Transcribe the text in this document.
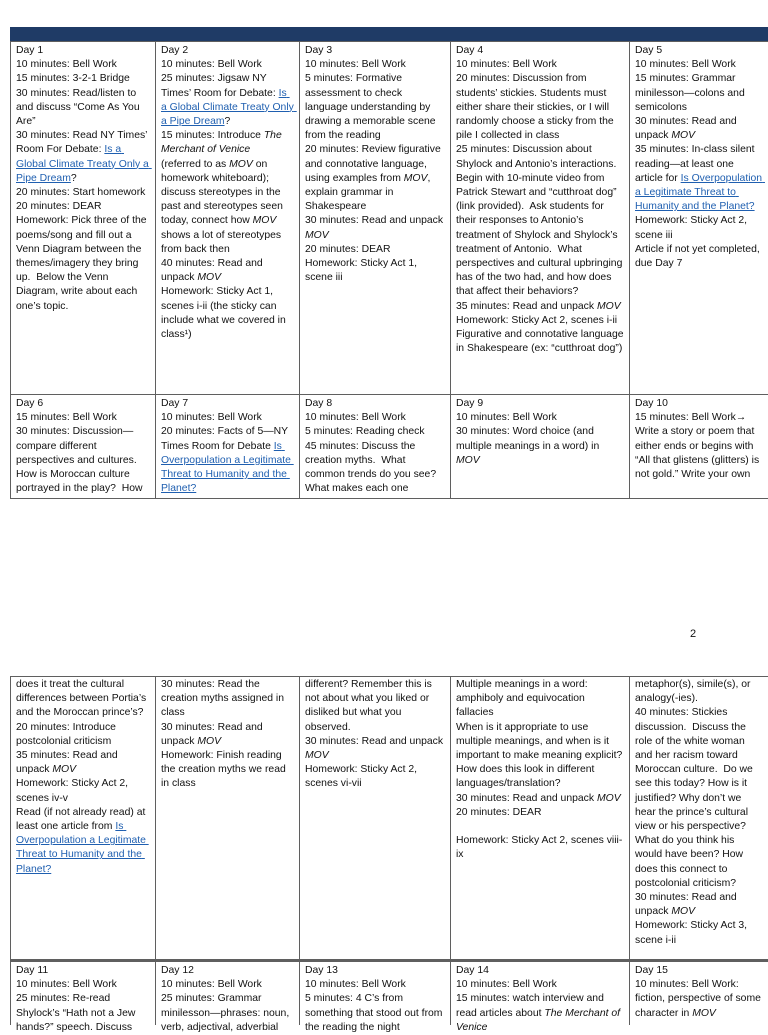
Day 1
10 minutes: Bell Work
15 minutes: 3-2-1 Bridge
30 minutes: Read/listen to and discuss “Come As You Are”
30 minutes: Read NY Times’ Room For Debate: Is a Global Climate Treaty Only a Pipe Dream?
20 minutes: Start homework
20 minutes: DEAR
Homework: Pick three of the poems/song and fill out a Venn Diagram between the themes/imagery they bring up.  Below the Venn Diagram, write about each one’s topic.
Day 2
10 minutes: Bell Work
25 minutes: Jigsaw NY Times’ Room for Debate: Is a Global Climate Treaty Only a Pipe Dream?
15 minutes: Introduce The Merchant of Venice
(referred to as MOV on homework whiteboard); discuss stereotypes in the past and stereotypes seen today, connect how MOV shows a lot of stereotypes from back then
40 minutes: Read and unpack MOV
Homework: Sticky Act 1, scenes i-ii (the sticky can include what we covered in class¹)
Day 3
10 minutes: Bell Work
5 minutes: Formative assessment to check language understanding by drawing a memorable scene from the reading
20 minutes: Review figurative and connotative language, using examples from MOV, explain grammar in Shakespeare
30 minutes: Read and unpack MOV
20 minutes: DEAR
Homework: Sticky Act 1, scene iii
Day 4
10 minutes: Bell Work
20 minutes: Discussion from students’ stickies. Students must either share their stickies, or I will randomly choose a sticky from the pile I collected in class
25 minutes: Discussion about Shylock and Antonio’s interactions.  Begin with 10-minute video from Patrick Stewart and “cutthroat dog” (link provided).  Ask students for their responses to Antonio’s treatment of Shylock and Shylock’s treatment of Antonio.  What perspectives and cultural upbringing has of the two had, and how does that affect their behaviors?
35 minutes: Read and unpack MOV
Homework: Sticky Act 2, scenes i-ii
Figurative and connotative language in Shakespeare (ex: “cutthroat dog”)
Day 5
10 minutes: Bell Work
15 minutes: Grammar minilesson—colons and semicolons
30 minutes: Read and unpack MOV
35 minutes: In-class silent reading—at least one article for Is Overpopulation a Legitimate Threat to Humanity and the Planet?
Homework: Sticky Act 2, scene iii
Article if not yet completed, due Day 7
Day 6
15 minutes: Bell Work
30 minutes: Discussion—compare different perspectives and cultures.  How is Moroccan culture portrayed in the play?  How
Day 7
10 minutes: Bell Work
20 minutes: Facts of 5—NY Times Room for Debate Is Overpopulation a Legitimate Threat to Humanity and the Planet?
Day 8
10 minutes: Bell Work
5 minutes: Reading check
45 minutes: Discuss the creation myths.  What common trends do you see? What makes each one
Day 9
10 minutes: Bell Work
30 minutes: Word choice (and multiple meanings in a word) in MOV
Day 10
15 minutes: Bell Work→ Write a story or poem that either ends or begins with “All that glistens (glitters) is not gold.” Write your own
2
does it treat the cultural differences between Portia’s and the Moroccan prince’s?
20 minutes: Introduce postcolonial criticism
35 minutes: Read and unpack MOV
Homework: Sticky Act 2, scenes iv-v
Read (if not already read) at least one article from Is Overpopulation a Legitimate Threat to Humanity and the Planet?
30 minutes: Read the creation myths assigned in class
30 minutes: Read and unpack MOV
Homework: Finish reading the creation myths we read in class
different? Remember this is not about what you liked or disliked but what you observed.
30 minutes: Read and unpack MOV
Homework: Sticky Act 2, scenes vi-vii
Multiple meanings in a word: amphiboly and equivocation fallacies
When is it appropriate to use multiple meanings, and when is it important to make meaning explicit?
How does this look in different languages/translation?
30 minutes: Read and unpack MOV
20 minutes: DEAR

Homework: Sticky Act 2, scenes viii-ix
metaphor(s), simile(s), or analogy(-ies).
40 minutes: Stickies discussion.  Discuss the role of the white woman and her racism toward Moroccan culture.  Do we see this today? How is it justified? Why don’t we hear the prince’s cultural view or his perspective? What do you think his would have been? How does this connect to postcolonial criticism?
30 minutes: Read and unpack MOV
Homework: Sticky Act 3, scene i-ii
Day 11
10 minutes: Bell Work
25 minutes: Re-read Shylock’s “Hath not a Jew hands?” speech. Discuss
Day 12
10 minutes: Bell Work
25 minutes: Grammar minilesson—phrases: noun, verb, adjectival, adverbial
Day 13
10 minutes: Bell Work
5 minutes: 4 C’s from something that stood out from the reading the night
Day 14
10 minutes: Bell Work
15 minutes: watch interview and read articles about The Merchant of Venice
Day 15
10 minutes: Bell Work: fiction, perspective of some character in MOV
